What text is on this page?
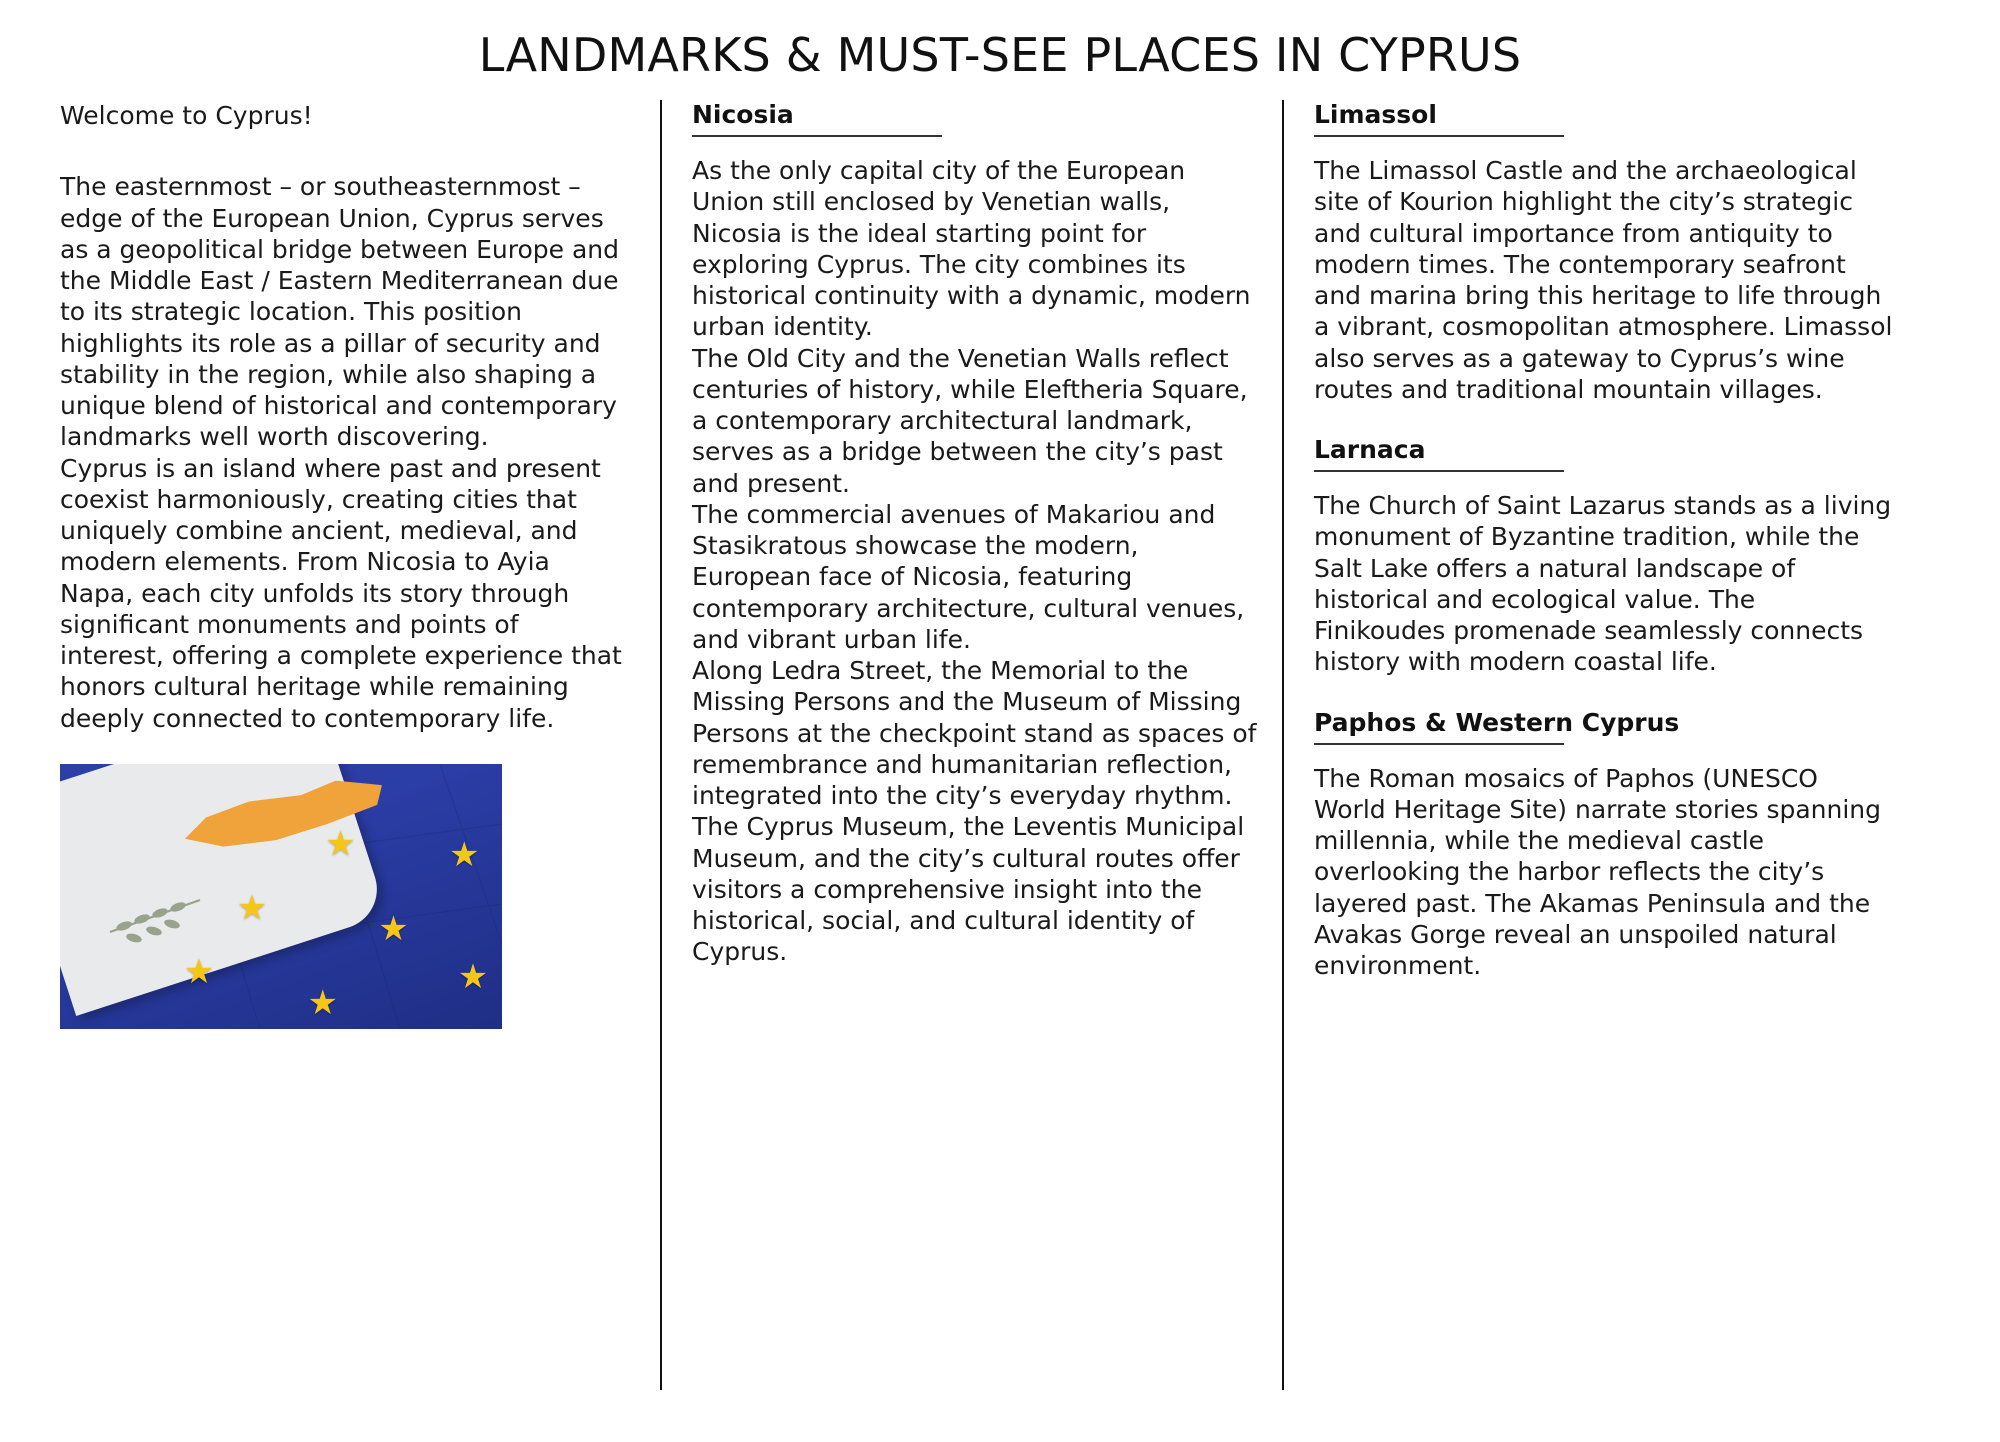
LANDMARKS & MUST-SEE PLACES IN CYPRUS

Welcome to Cyprus!

The easternmost – or southeasternmost – edge of the European Union, Cyprus serves as a geopolitical bridge between Europe and the Middle East / Eastern Mediterranean due to its strategic location. This position highlights its role as a pillar of security and stability in the region, while also shaping a unique blend of historical and contemporary landmarks well worth discovering.

Cyprus is an island where past and present coexist harmoniously, creating cities that uniquely combine ancient, medieval, and modern elements. From Nicosia to Ayia Napa, each city unfolds its story through significant monuments and points of interest, offering a complete experience that honors cultural heritage while remaining deeply connected to contemporary life.

★	★
★
★
★
★
★
Nicosia

As the only capital city of the European Union still enclosed by Venetian walls, Nicosia is the ideal starting point for exploring Cyprus. The city combines its historical continuity with a dynamic, modern urban identity.

The Old City and the Venetian Walls reflect centuries of history, while Eleftheria Square, a contemporary architectural landmark, serves as a bridge between the city’s past and present.

The commercial avenues of Makariou and Stasikratous showcase the modern, European face of Nicosia, featuring contemporary architecture, cultural venues, and vibrant urban life.

Along Ledra Street, the Memorial to the Missing Persons and the Museum of Missing Persons at the checkpoint stand as spaces of remembrance and humanitarian reflection, integrated into the city’s everyday rhythm.

The Cyprus Museum, the Leventis Municipal Museum, and the city’s cultural routes offer visitors a comprehensive insight into the historical, social, and cultural identity of Cyprus.

Limassol

The Limassol Castle and the archaeological site of Kourion highlight the city’s strategic and cultural importance from antiquity to modern times. The contemporary seafront and marina bring this heritage to life through a vibrant, cosmopolitan atmosphere. Limassol also serves as a gateway to Cyprus’s wine routes and traditional mountain villages.

Larnaca

The Church of Saint Lazarus stands as a living monument of Byzantine tradition, while the Salt Lake offers a natural landscape of historical and ecological value. The Finikoudes promenade seamlessly connects history with modern coastal life.

Paphos & Western Cyprus

The Roman mosaics of Paphos (UNESCO World Heritage Site) narrate stories spanning millennia, while the medieval castle overlooking the harbor reflects the city’s layered past. The Akamas Peninsula and the Avakas Gorge reveal an unspoiled natural environment.
